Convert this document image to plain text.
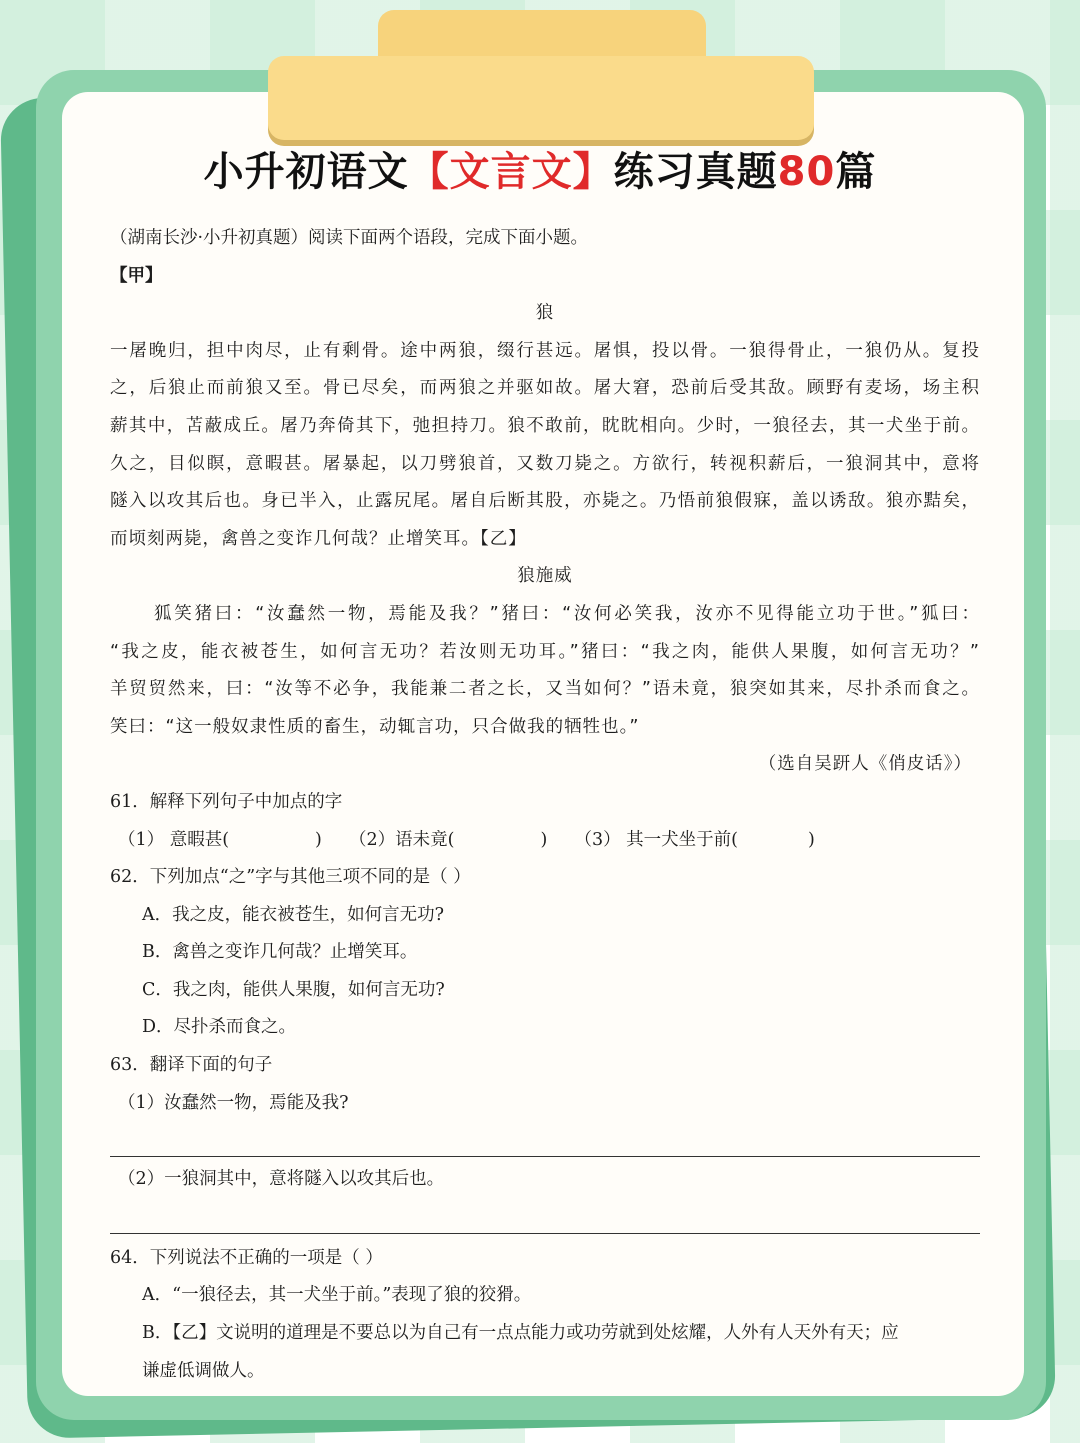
小升初语文【文言文】练习真题80篇
（湖南长沙·小升初真题）阅读下面两个语段，完成下面小题。
【甲】
狼
一屠晚归，担中肉尽，止有剩骨。途中两狼，缀行甚远。屠惧，投以骨。一狼得骨止，一狼仍从。复投
之，后狼止而前狼又至。骨已尽矣，而两狼之并驱如故。屠大窘，恐前后受其敌。顾野有麦场，场主积
薪其中，苫蔽成丘。屠乃奔倚其下，弛担持刀。狼不敢前，眈眈相向。少时，一狼径去，其一犬坐于前。
久之，目似瞑，意暇甚。屠暴起，以刀劈狼首，又数刀毙之。方欲行，转视积薪后，一狼洞其中，意将
隧入以攻其后也。身已半入，止露尻尾。屠自后断其股，亦毙之。乃悟前狼假寐，盖以诱敌。狼亦黠矣，
而顷刻两毙，禽兽之变诈几何哉？止增笑耳。【乙】
狼施威
狐笑猪曰：“汝蠢然一物，焉能及我？”猪曰：“汝何必笑我，汝亦不见得能立功于世。”狐曰：
“我之皮，能衣被苍生，如何言无功？若汝则无功耳。”猪曰：“我之肉，能供人果腹，如何言无功？”
羊贸贸然来，曰：“汝等不必争，我能兼二者之长，又当如何？”语未竟，狼突如其来，尽扑杀而食之。
笑曰：“这一般奴隶性质的畜生，动辄言功，只合做我的牺牲也。”
（选自吴趼人《俏皮话》）
61．解释下列句子中加点的字
（1） 意暇甚(	) （2）语未竟(	) （3） 其一犬坐于前(	)
62．下列加点“之”字与其他三项不同的是（ ）
A．我之皮，能衣被苍生，如何言无功?
B．禽兽之变诈几何哉？止增笑耳。
C．我之肉，能供人果腹，如何言无功?
D．尽扑杀而食之。
63．翻译下面的句子
（1）汝蠢然一物，焉能及我?
（2）一狼洞其中，意将隧入以攻其后也。
64．下列说法不正确的一项是（ ）
A．“一狼径去，其一犬坐于前。”表现了狼的狡猾。
B．【乙】文说明的道理是不要总以为自己有一点点能力或功劳就到处炫耀，人外有人天外有天；应
谦虚低调做人。
